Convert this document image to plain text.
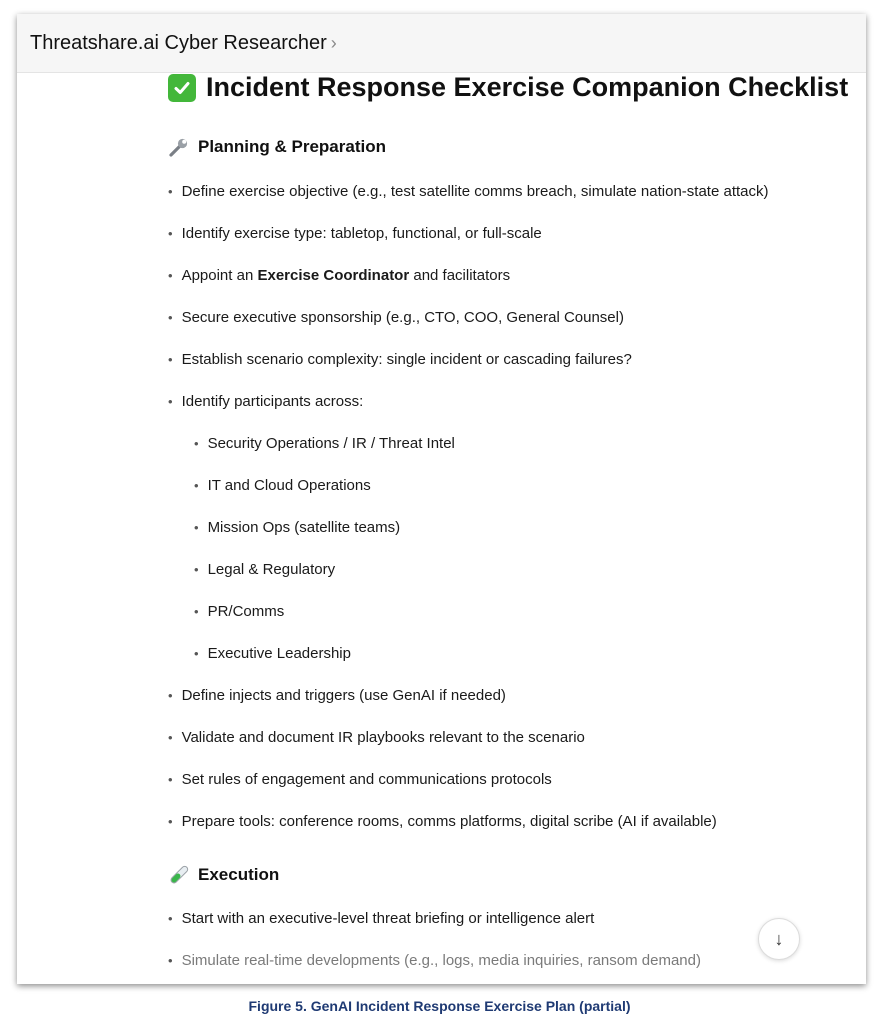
Threatshare.ai Cyber Researcher ›
Incident Response Exercise Companion Checklist
Planning & Preparation
• Define exercise objective (e.g., test satellite comms breach, simulate nation-state attack)
• Identify exercise type: tabletop, functional, or full-scale
• Appoint an Exercise Coordinator and facilitators
• Secure executive sponsorship (e.g., CTO, COO, General Counsel)
• Establish scenario complexity: single incident or cascading failures?
• Identify participants across:
• Security Operations / IR / Threat Intel
• IT and Cloud Operations
• Mission Ops (satellite teams)
• Legal & Regulatory
• PR/Comms
• Executive Leadership
• Define injects and triggers (use GenAI if needed)
• Validate and document IR playbooks relevant to the scenario
• Set rules of engagement and communications protocols
• Prepare tools: conference rooms, comms platforms, digital scribe (AI if available)
Execution
• Start with an executive-level threat briefing or intelligence alert
• Simulate real-time developments (e.g., logs, media inquiries, ransom demand)
↓
Figure 5. GenAI Incident Response Exercise Plan (partial)
